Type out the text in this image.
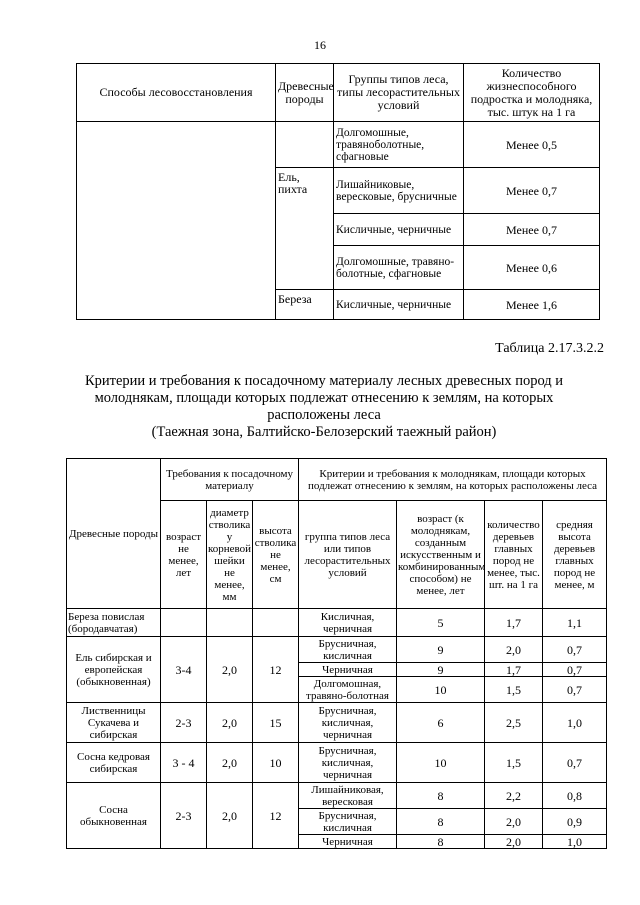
16
Способы лесовосстановления	Древесные породы	Группы типов леса, типы лесорастительных условий	Количество жизнеспособного подростка и молодняка, тыс. штук на 1 га
		Долгомошные, травяноболотные, сфагновые	Менее 0,5
	Ель, пихта	Лишайниковые, вересковые, брусничные	Менее 0,7
		Кисличные, черничные	Менее 0,7
		Долгомошные, травяно-болотные, сфагновые	Менее 0,6
	Береза	Кисличные, черничные	Менее 1,6
Таблица 2.17.3.2.2
Критерии и требования к посадочному материалу лесных древесных пород и
молоднякам, площади которых подлежат отнесению к землям, на которых
расположены леса
(Таежная зона, Балтийско-Белозерский таежный район)
Древесные породы	Требования к посадочному материалу			Критерии и требования к молоднякам, площади которых подлежат отнесению к землям, на которых расположены леса			
	возраст не менее, лет	диаметр стволика у корневой шейки не менее, мм	высота стволика не менее, см	группа типов леса или типов лесорастительных условий	возраст (к молоднякам, созданным искусственным и комбинированным способом) не менее, лет	количество деревьев главных пород не менее, тыс. шт. на 1 га	средняя высота деревьев главных пород не менее, м
Береза повислая (бородавчатая)				Кисличная, черничная	5	1,7	1,1
Ель сибирская и европейская (обыкновенная)	3-4	2,0	12	Брусничная, кисличная	9	2,0	0,7
				Черничная	9	1,7	0,7
				Долгомошная, травяно-болотная	10	1,5	0,7
Лиственницы Сукачева и сибирская	2-3	2,0	15	Брусничная, кисличная, черничная	6	2,5	1,0
Сосна кедровая сибирская	3 - 4	2,0	10	Брусничная, кисличная, черничная	10	1,5	0,7
Сосна обыкновенная	2-3	2,0	12	Лишайниковая, вересковая	8	2,2	0,8
				Брусничная, кисличная	8	2,0	0,9
				Черничная	8	2,0	1,0
